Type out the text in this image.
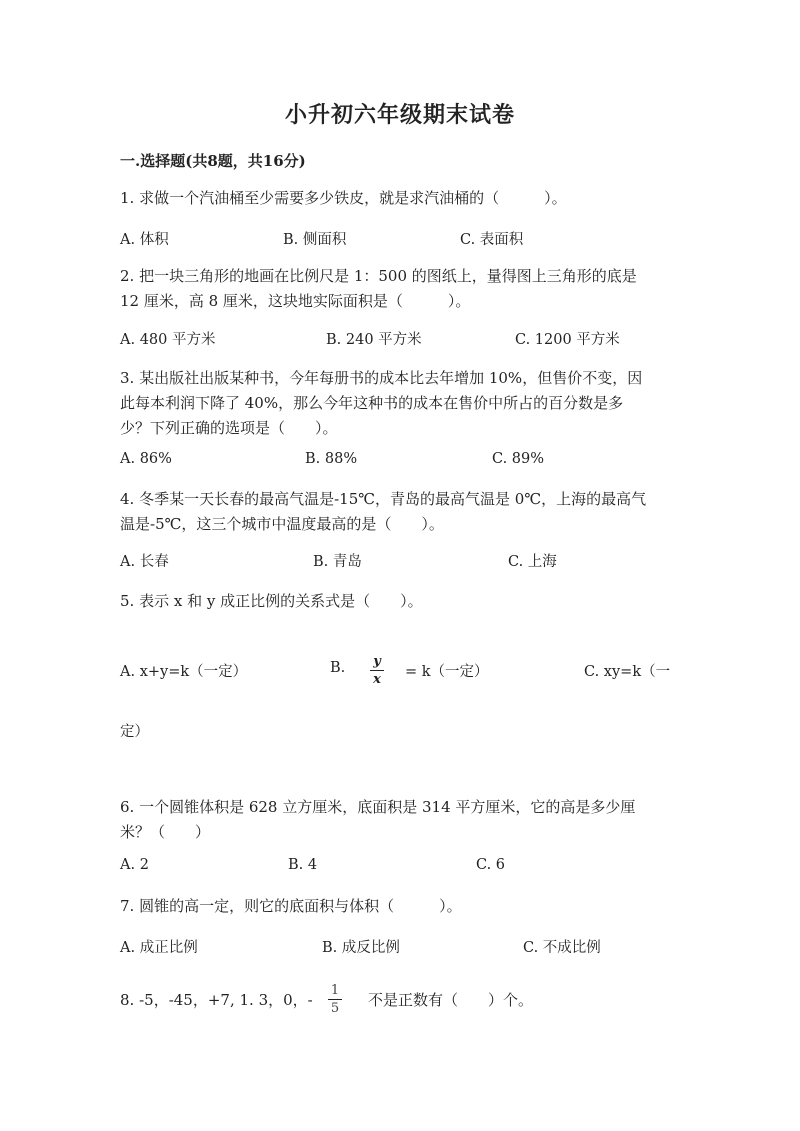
小升初六年级期末试卷
一.选择题(共8题，共16分)
1. 求做一个汽油桶至少需要多少铁皮，就是求汽油桶的（　　　）。
A. 体积	B. 侧面积	C. 表面积
2. 把一块三角形的地画在比例尺是 1：500 的图纸上，量得图上三角形的底是
12 厘米，高 8 厘米，这块地实际面积是（　　　）。
A. 480 平方米	B. 240 平方米	C. 1200 平方米
3. 某出版社出版某种书，今年每册书的成本比去年增加 10%，但售价不变，因
此每本利润下降了 40%，那么今年这种书的成本在售价中所占的百分数是多
少？下列正确的选项是（　　）。
A. 86%	B. 88%	C. 89%
4. 冬季某一天长春的最高气温是-15℃，青岛的最高气温是 0℃，上海的最高气
温是-5℃，这三个城市中温度最高的是（　　）。
A. 长春	B. 青岛	C. 上海
5. 表示 x 和 y 成正比例的关系式是（　　）。
A. x+y=k（一定）	B. y
x = k（一定）	C. xy=k（一
定）
6. 一个圆锥体积是 628 立方厘米，底面积是 314 平方厘米，它的高是多少厘
米？（　　）
A. 2	B. 4	C. 6
7. 圆锥的高一定，则它的底面积与体积（　　　）。
A. 成正比例	B. 成反比例	C. 不成比例
8. -5，-45，+7, 1. 3，0，-
1
5 不是正数有（　　）个。
